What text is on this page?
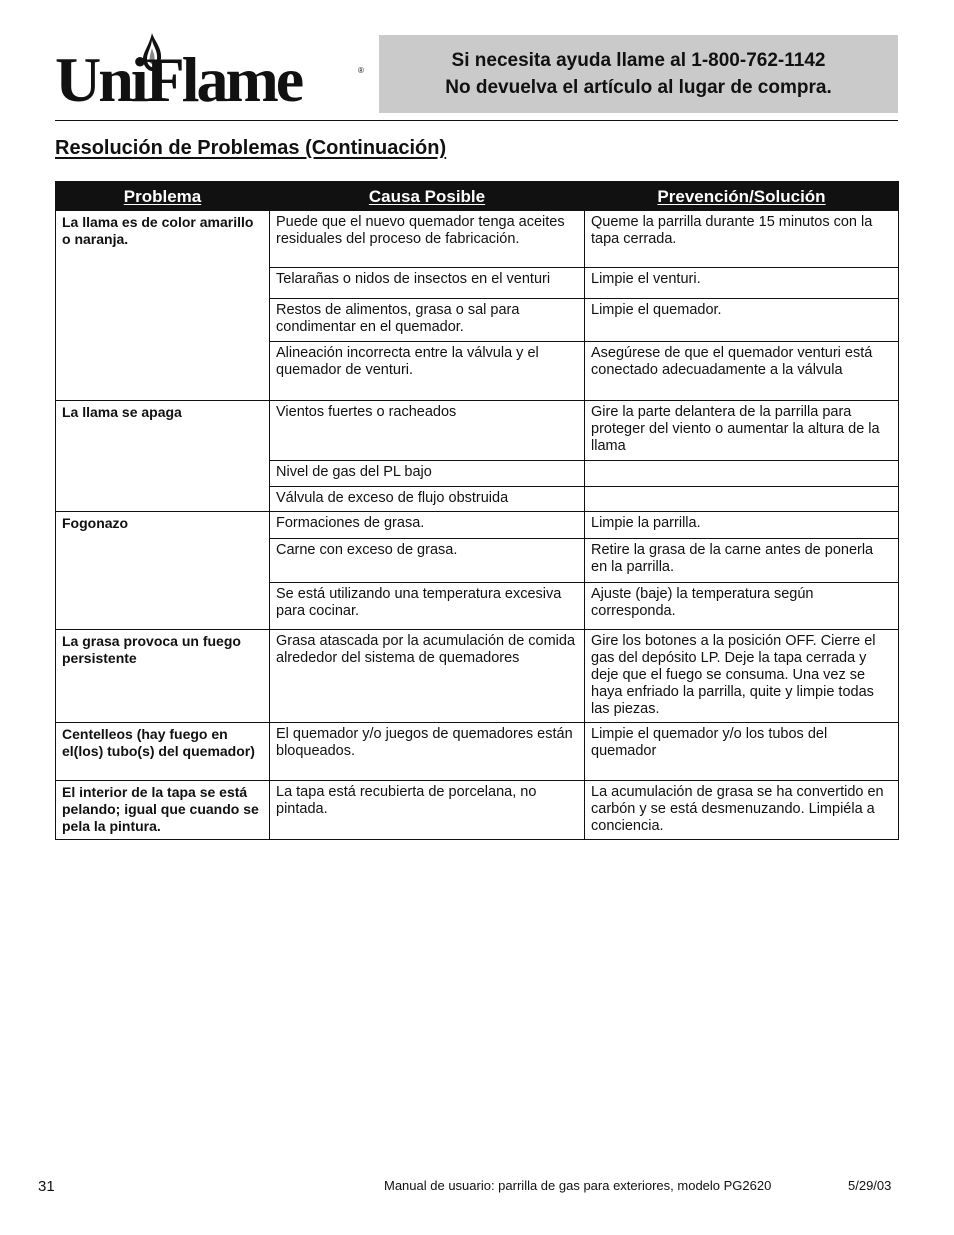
UniFlame	®	Si necesita ayuda llame al 1-800-762-1142
No devuelva el artículo al lugar de compra.
Resolución de Problemas (Continuación)
Problema	Causa Posible	Prevención/Solución
La llama es de color amarillo o naranja.	Puede que el nuevo quemador tenga aceites residuales del proceso de fabricación.	Queme la parrilla durante 15 minutos con la tapa cerrada.
	Telarañas o nidos de insectos en el venturi	Limpie el venturi.
	Restos de alimentos, grasa o sal para condimentar en el quemador.	Limpie el quemador.
	Alineación incorrecta entre la válvula y el quemador de venturi.	Asegúrese de que el quemador venturi está conectado adecuadamente a la válvula
La llama se apaga	Vientos fuertes o racheados	Gire la parte delantera de la parrilla para proteger del viento o aumentar la altura de la llama
	Nivel de gas del PL bajo	
	Válvula de exceso de flujo obstruida	
Fogonazo	Formaciones de grasa.	Limpie la parrilla.
	Carne con exceso de grasa.	Retire la grasa de la carne antes de ponerla en la parrilla.
	Se está utilizando una temperatura excesiva para cocinar.	Ajuste (baje) la temperatura según corresponda.
La grasa provoca un fuego persistente	Grasa atascada por la acumulación de comida alrededor del sistema de quemadores	Gire los botones a la posición OFF. Cierre el gas del depósito LP. Deje la tapa cerrada y deje que el fuego se consuma. Una vez se haya enfriado la parrilla, quite y limpie todas las piezas.
Centelleos (hay fuego en el(los) tubo(s) del quemador)	El quemador y/o juegos de quemadores están bloqueados.	Limpie el quemador y/o los tubos del quemador
El interior de la tapa se está pelando; igual que cuando se pela la pintura.	La tapa está recubierta de porcelana, no pintada.	La acumulación de grasa se ha convertido en carbón y se está desmenuzando. Limpiéla a conciencia.
31	Manual de usuario: parrilla de gas para exteriores, modelo PG2620	5/29/03
